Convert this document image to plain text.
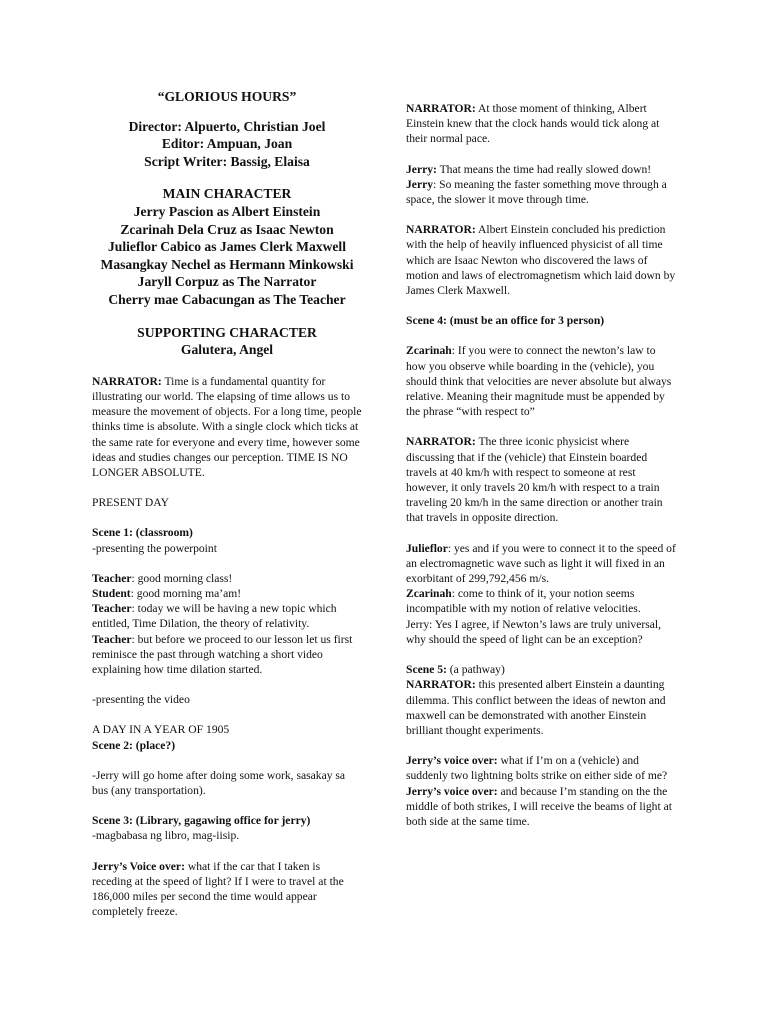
“GLORIOUS HOURS”
Director: Alpuerto, Christian Joel
Editor: Ampuan, Joan
Script Writer: Bassig, Elaisa
MAIN CHARACTER
Jerry Pascion as Albert Einstein
Zcarinah Dela Cruz as Isaac Newton
Julieflor Cabico as James Clerk Maxwell
Masangkay Nechel as Hermann Minkowski
Jaryll Corpuz as The Narrator
Cherry mae Cabacungan as The Teacher
SUPPORTING CHARACTER
Galutera, Angel

NARRATOR: Time is a fundamental quantity for illustrating our world. The elapsing of time allows us to measure the movement of objects. For a long time, people thinks time is absolute. With a single clock which ticks at the same rate for everyone and every time, however some ideas and studies changes our perception. TIME IS NO LONGER ABSOLUTE.

PRESENT DAY

Scene 1: (classroom)
-presenting the powerpoint

Teacher: good morning class!
Student: good morning ma’am!
Teacher: today we will be having a new topic which entitled, Time Dilation, the theory of relativity.
Teacher: but before we proceed to our lesson let us first reminisce the past through watching a short video explaining how time dilation started.

-presenting the video

A DAY IN A YEAR OF 1905
Scene 2: (place?)

-Jerry will go home after doing some work, sasakay sa bus (any transportation).

Scene 3: (Library, gagawing office for jerry)
-magbabasa ng libro, mag-iisip.

Jerry’s Voice over: what if the car that I taken is receding at the speed of light? If I were to travel at the 186,000 miles per second the time would appear completely freeze.

NARRATOR: At those moment of thinking, Albert Einstein knew that the clock hands would tick along at their normal pace.

Jerry: That means the time had really slowed down!
Jerry: So meaning the faster something move through a space, the slower it move through time.

NARRATOR: Albert Einstein concluded his prediction with the help of heavily influenced physicist of all time which are Isaac Newton who discovered the laws of motion and laws of electromagnetism which laid down by James Clerk Maxwell.

Scene 4: (must be an office for 3 person)

Zcarinah: If you were to connect the newton’s law to how you observe while boarding in the (vehicle), you should think that velocities are never absolute but always relative. Meaning their magnitude must be appended by the phrase “with respect to”

NARRATOR: The three iconic physicist where discussing that if the (vehicle) that Einstein boarded travels at 40 km/h with respect to someone at rest however, it only travels 20 km/h with respect to a train traveling 20 km/h in the same direction or another train that travels in opposite direction.

Julieflor: yes and if you were to connect it to the speed of an electromagnetic wave such as light it will fixed in an exorbitant of 299,792,456 m/s.
Zcarinah: come to think of it, your notion seems incompatible with my notion of relative velocities.
Jerry: Yes I agree, if Newton’s laws are truly universal, why should the speed of light can be an exception?

Scene 5: (a pathway)
NARRATOR: this presented albert Einstein a daunting dilemma. This conflict between the ideas of newton and maxwell can be demonstrated with another Einstein brilliant thought experiments.

Jerry’s voice over: what if I’m on a (vehicle) and suddenly two lightning bolts strike on either side of me?
Jerry’s voice over: and because I’m standing on the the middle of both strikes, I will receive the beams of light at both side at the same time.
